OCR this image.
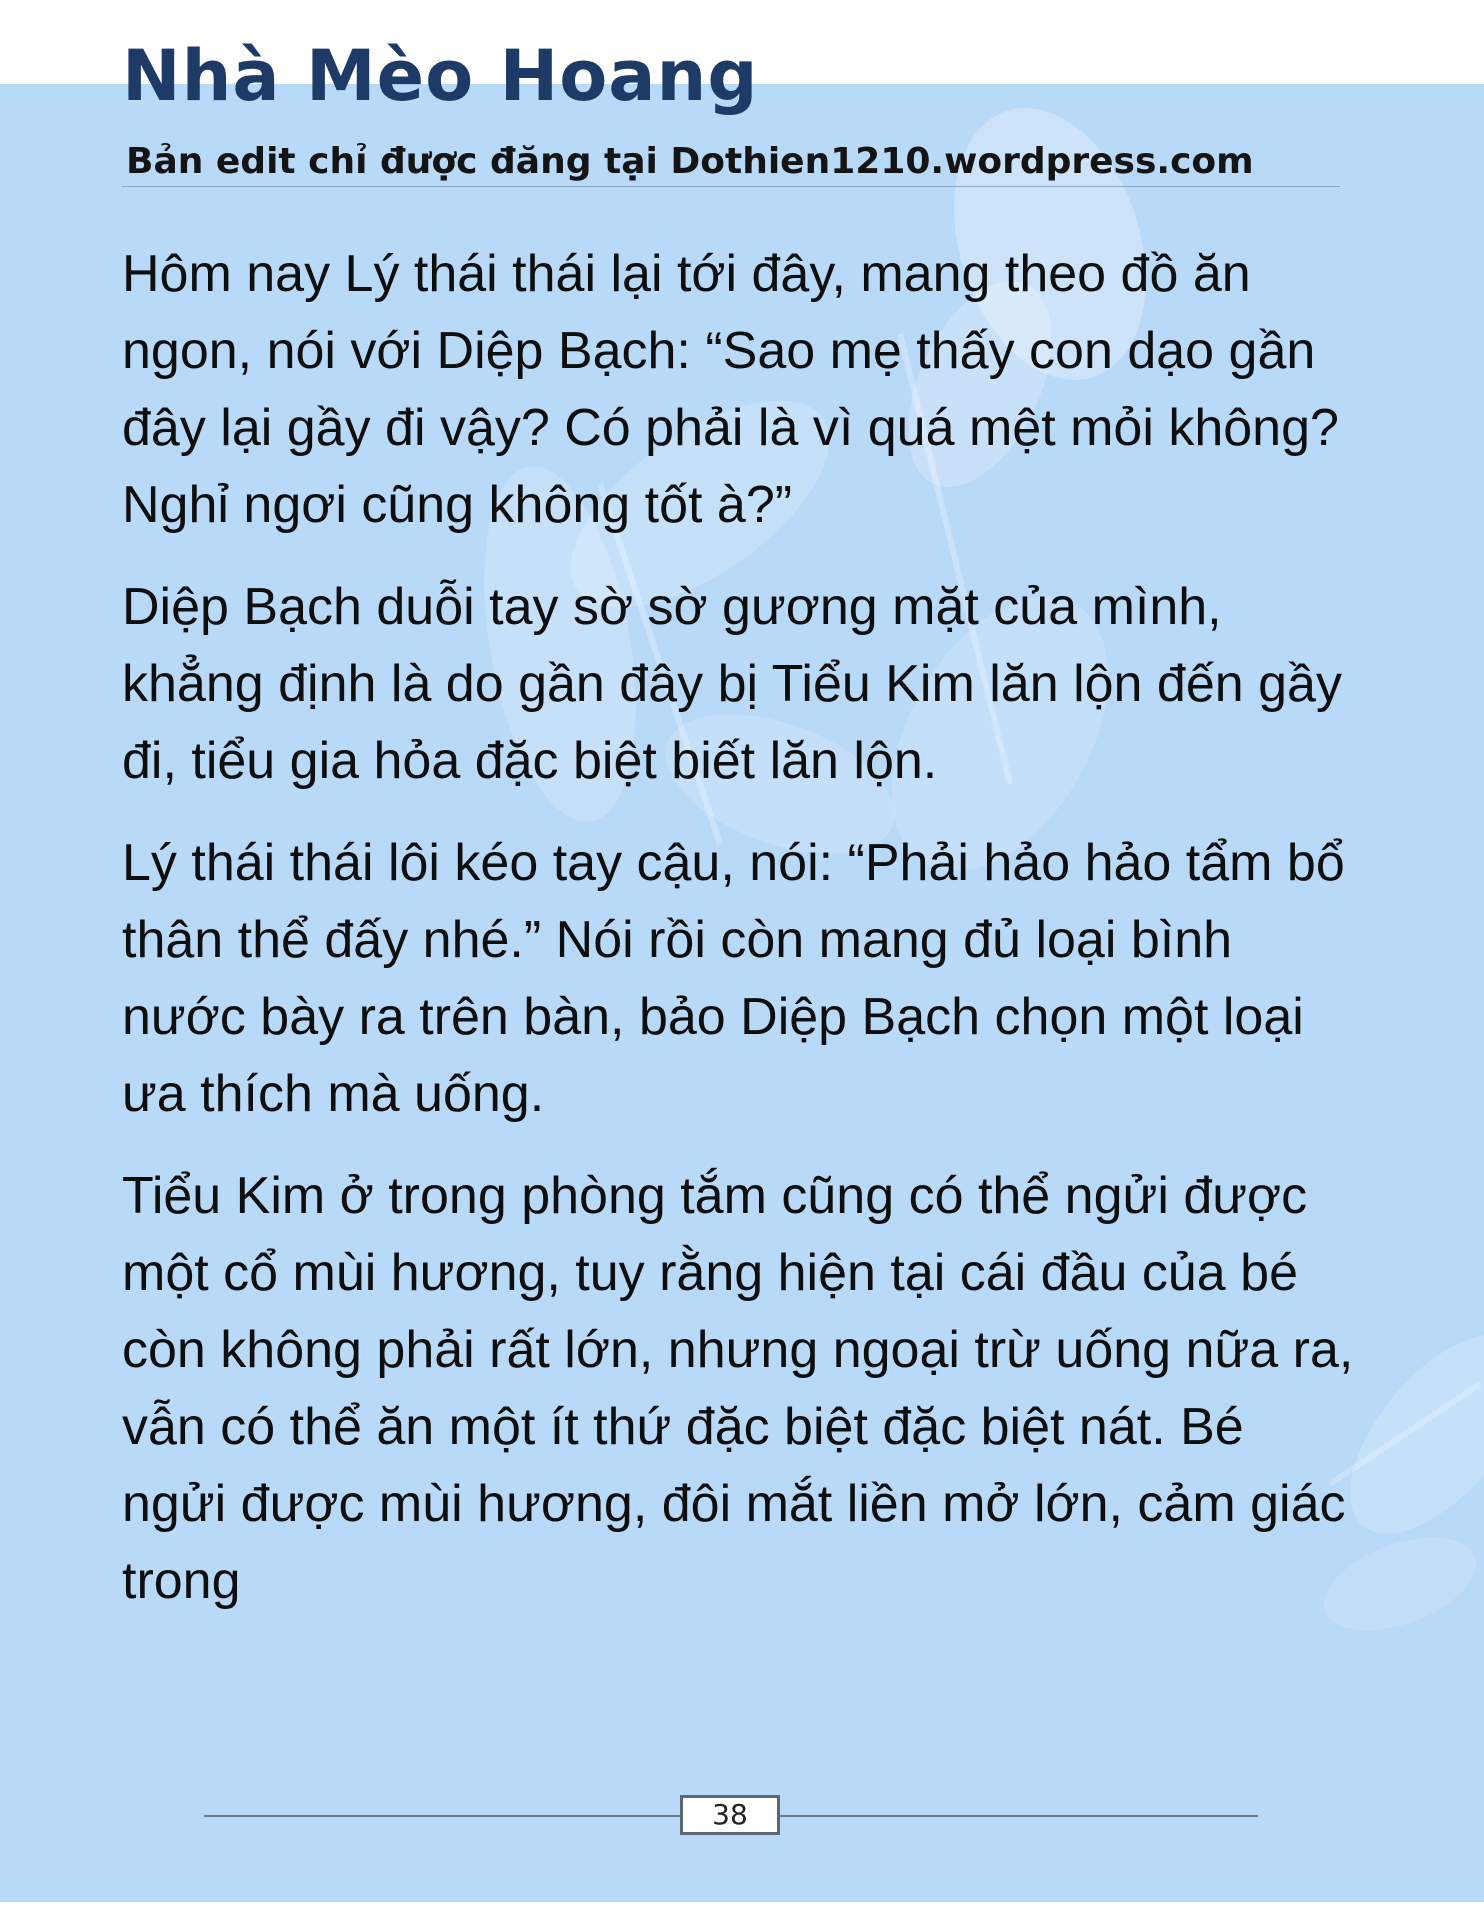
Nhà Mèo Hoang
Bản edit chỉ được đăng tại Dothien1210.wordpress.com

Hôm nay Lý thái thái lại tới đây, mang theo đồ ăn ngon, nói với Diệp Bạch: “Sao mẹ thấy con dạo gần đây lại gầy đi vậy? Có phải là vì quá mệt mỏi không? Nghỉ ngơi cũng không tốt à?”

Diệp Bạch duỗi tay sờ sờ gương mặt của mình, khẳng định là do gần đây bị Tiểu Kim lăn lộn đến gầy đi, tiểu gia hỏa đặc biệt biết lăn lộn.

Lý thái thái lôi kéo tay cậu, nói: “Phải hảo hảo tẩm bổ thân thể đấy nhé.” Nói rồi còn mang đủ loại bình nước bày ra trên bàn, bảo Diệp Bạch chọn một loại ưa thích mà uống.

Tiểu Kim ở trong phòng tắm cũng có thể ngửi được một cổ mùi hương, tuy rằng hiện tại cái đầu của bé còn không phải rất lớn, nhưng ngoại trừ uống nữa ra, vẫn có thể ăn một ít thứ đặc biệt đặc biệt nát. Bé ngửi được mùi hương, đôi mắt liền mở lớn, cảm giác trong

38
